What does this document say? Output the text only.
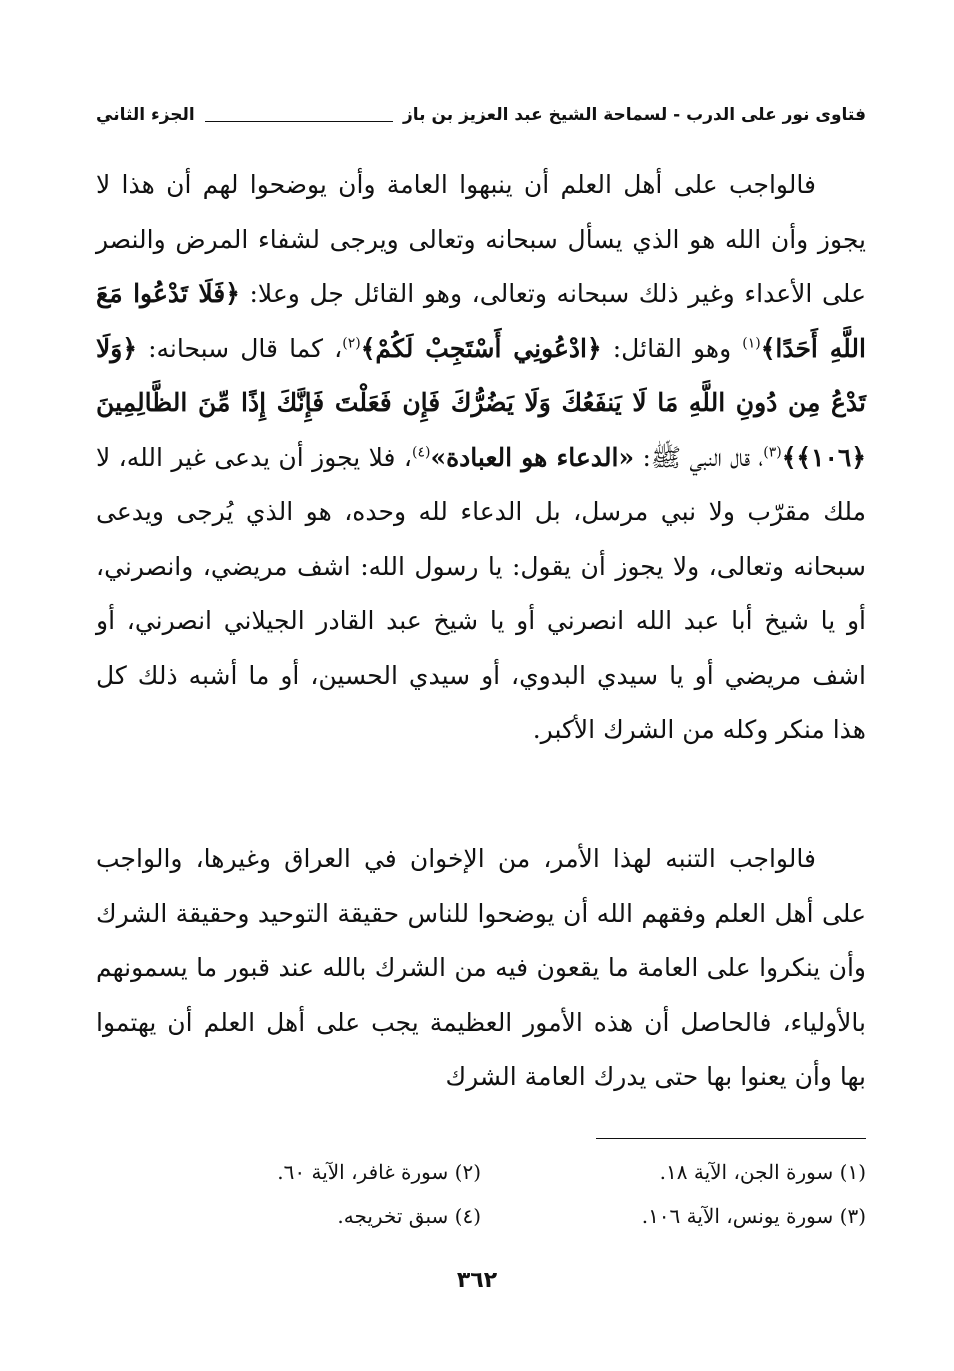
فتاوى نور على الدرب - لسماحة الشيخ عبد العزيز بن باز
الجزء الثاني
فالواجب على أهل العلم أن ينبهوا العامة وأن يوضحوا لهم أن هذا لا يجوز وأن الله هو الذي يسأل سبحانه وتعالى ويرجى لشفاء المرض والنصر على الأعداء وغير ذلك سبحانه وتعالى، وهو القائل جل وعلا: ﴿فَلَا تَدْعُوا مَعَ اللَّهِ أَحَدًا﴾$^{(١)}$ وهو القائل: ﴿ادْعُونِي أَسْتَجِبْ لَكُمْ﴾$^{(٢)}$، كما قال سبحانه: ﴿وَلَا تَدْعُ مِن دُونِ اللَّهِ مَا لَا يَنفَعُكَ وَلَا يَضُرُّكَ فَإِن فَعَلْتَ فَإِنَّكَ إِذًا مِّنَ الظَّالِمِينَ ﴿١٠٦﴾﴾$^{(٣)}$، قال النبي ﷺ: «الدعاء هو العبادة»$^{(٤)}$، فلا يجوز أن يدعى غير الله، لا ملك مقرّب ولا نبي مرسل، بل الدعاء لله وحده، هو الذي يُرجى ويدعى سبحانه وتعالى، ولا يجوز أن يقول: يا رسول الله: اشف مريضي، وانصرني، أو يا شيخ أبا عبد الله انصرني أو يا شيخ عبد القادر الجيلاني انصرني، أو اشف مريضي أو يا سيدي البدوي، أو سيدي الحسين، أو ما أشبه ذلك كل هذا منكر وكله من الشرك الأكبر.
فالواجب التنبه لهذا الأمر، من الإخوان في العراق وغيرها، والواجب على أهل العلم وفقهم الله أن يوضحوا للناس حقيقة التوحيد وحقيقة الشرك وأن ينكروا على العامة ما يقعون فيه من الشرك بالله عند قبور ما يسمونهم بالأولياء، فالحاصل أن هذه الأمور العظيمة يجب على أهل العلم أن يهتموا بها وأن يعنوا بها حتى يدرك العامة الشرك
(١) سورة الجن، الآية ١٨.
(٢) سورة غافر، الآية ٦٠.
(٣) سورة يونس، الآية ١٠٦.
(٤) سبق تخريجه.
٣٦٢
